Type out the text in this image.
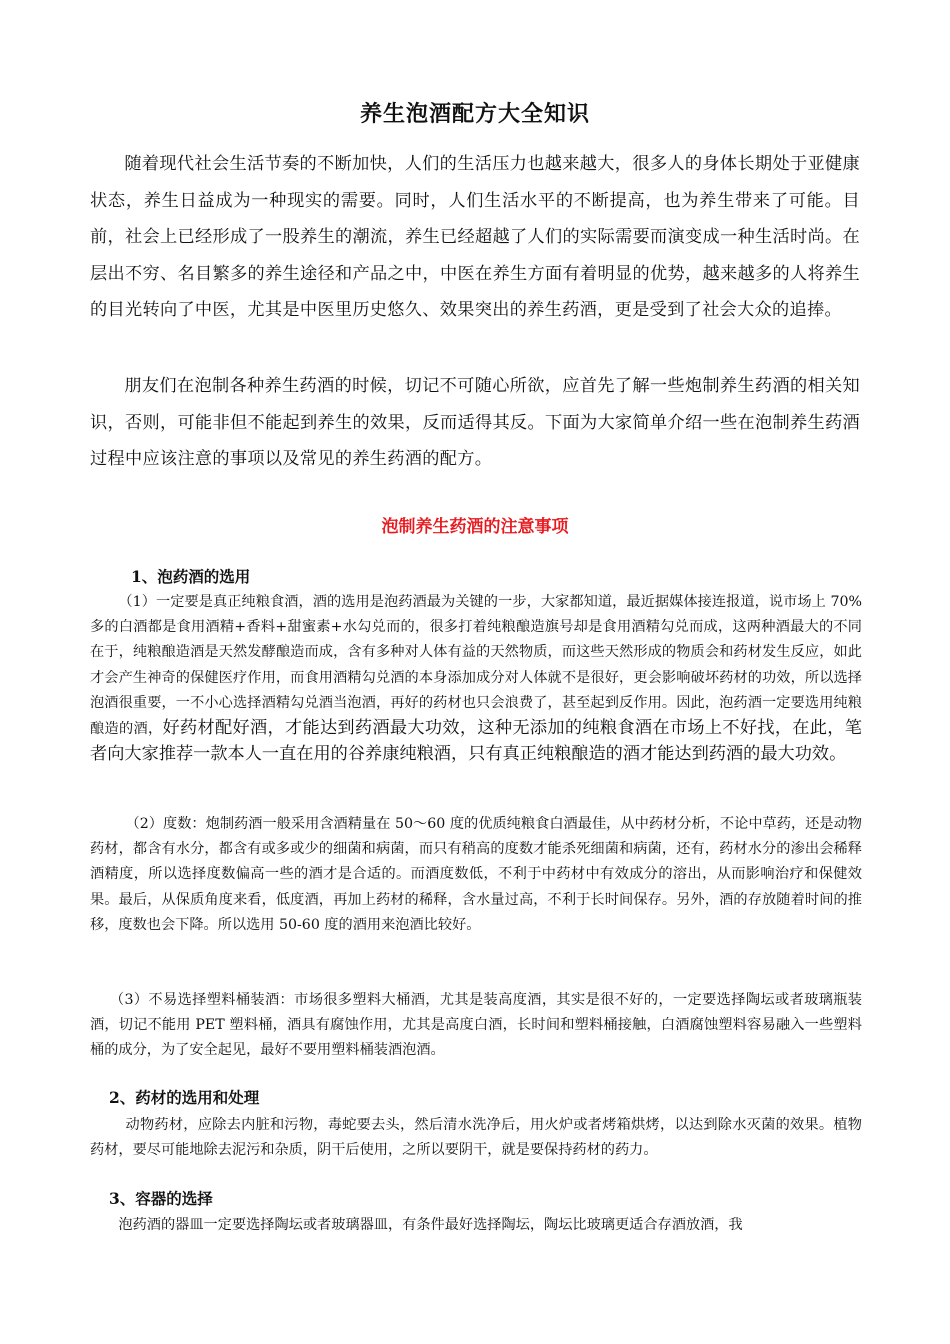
养生泡酒配方大全知识

随着现代社会生活节奏的不断加快，人们的生活压力也越来越大，很多人的身体长期处于亚健康状态，养生日益成为一种现实的需要。同时，人们生活水平的不断提高，也为养生带来了可能。目前，社会上已经形成了一股养生的潮流，养生已经超越了人们的实际需要而演变成一种生活时尚。在层出不穷、名目繁多的养生途径和产品之中，中医在养生方面有着明显的优势，越来越多的人将养生的目光转向了中医，尤其是中医里历史悠久、效果突出的养生药酒，更是受到了社会大众的追捧。

朋友们在泡制各种养生药酒的时候，切记不可随心所欲，应首先了解一些炮制养生药酒的相关知识，否则，可能非但不能起到养生的效果，反而适得其反。下面为大家简单介绍一些在泡制养生药酒过程中应该注意的事项以及常见的养生药酒的配方。

泡制养生药酒的注意事项
1、泡药酒的选用

（1）一定要是真正纯粮食酒，酒的选用是泡药酒最为关键的一步，大家都知道，最近据媒体接连报道，说市场上 70%多的白酒都是食用酒精+香料+甜蜜素+水勾兑而的，很多打着纯粮酿造旗号却是食用酒精勾兑而成，这两种酒最大的不同在于，纯粮酿造酒是天然发酵酿造而成，含有多种对人体有益的天然物质，而这些天然形成的物质会和药材发生反应，如此才会产生神奇的保健医疗作用，而食用酒精勾兑酒的本身添加成分对人体就不是很好，更会影响破坏药材的功效，所以选择泡酒很重要，一不小心选择酒精勾兑酒当泡酒，再好的药材也只会浪费了，甚至起到反作用。因此，泡药酒一定要选用纯粮酿造的酒，好药材配好酒，才能达到药酒最大功效，这种无添加的纯粮食酒在市场上不好找，在此，笔者向大家推荐一款本人一直在用的谷养康纯粮酒，只有真正纯粮酿造的酒才能达到药酒的最大功效。

（2）度数：炮制药酒一般采用含酒精量在 50～60 度的优质纯粮食白酒最佳，从中药材分析，不论中草药，还是动物药材，都含有水分，都含有或多或少的细菌和病菌，而只有稍高的度数才能杀死细菌和病菌，还有，药材水分的渗出会稀释酒精度，所以选择度数偏高一些的酒才是合适的。而酒度数低，不利于中药材中有效成分的溶出，从而影响治疗和保健效果。最后，从保质角度来看，低度酒，再加上药材的稀释，含水量过高，不利于长时间保存。另外，酒的存放随着时间的推移，度数也会下降。所以选用 50-60 度的酒用来泡酒比较好。

（3）不易选择塑料桶装酒：市场很多塑料大桶酒，尤其是装高度酒，其实是很不好的，一定要选择陶坛或者玻璃瓶装酒，切记不能用 PET 塑料桶，酒具有腐蚀作用，尤其是高度白酒，长时间和塑料桶接触，白酒腐蚀塑料容易融入一些塑料桶的成分，为了安全起见，最好不要用塑料桶装酒泡酒。

2、药材的选用和处理

动物药材，应除去内脏和污物，毒蛇要去头，然后清水洗净后，用火炉或者烤箱烘烤，以达到除水灭菌的效果。植物药材，要尽可能地除去泥污和杂质，阴干后使用，之所以要阴干，就是要保持药材的药力。

3、容器的选择

泡药酒的器皿一定要选择陶坛或者玻璃器皿，有条件最好选择陶坛，陶坛比玻璃更适合存酒放酒，我
